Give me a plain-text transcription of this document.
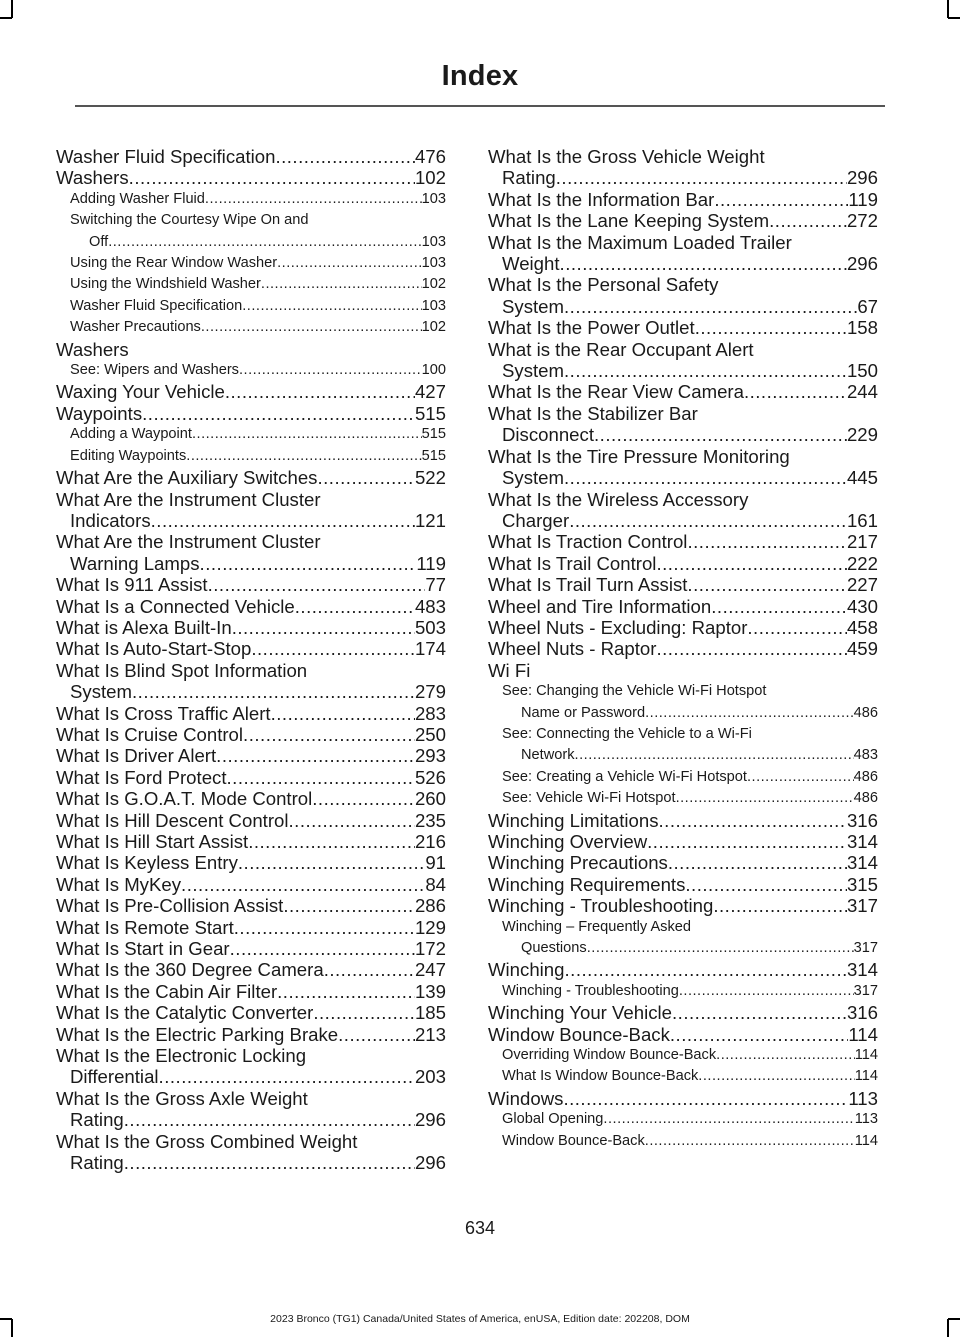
Index
Washer Fluid Specification .....	476
Washers .....	102
Adding Washer Fluid .....	103
Switching the Courtesy Wipe On and
Off .....	103
Using the Rear Window Washer .....	103
Using the Windshield Washer .....	102
Washer Fluid Specification .....	103
Washer Precautions .....	102
Washers
See: Wipers and Washers .....	100
Waxing Your Vehicle .....	427
Waypoints .....	515
Adding a Waypoint .....	515
Editing Waypoints .....	515
What Are the Auxiliary Switches .....	522
What Are the Instrument Cluster
Indicators .....	121
What Are the Instrument Cluster
Warning Lamps .....	119
What Is 911 Assist .....	77
What Is a Connected Vehicle .....	483
What is Alexa Built-In .....	503
What Is Auto-Start-Stop .....	174
What Is Blind Spot Information
System .....	279
What Is Cross Traffic Alert .....	283
What Is Cruise Control .....	250
What Is Driver Alert .....	293
What Is Ford Protect .....	526
What Is G.O.A.T. Mode Control .....	260
What Is Hill Descent Control .....	235
What Is Hill Start Assist .....	216
What Is Keyless Entry .....	91
What Is MyKey .....	84
What Is Pre-Collision Assist .....	286
What Is Remote Start .....	129
What Is Start in Gear .....	172
What Is the 360 Degree Camera .....	247
What Is the Cabin Air Filter .....	139
What Is the Catalytic Converter .....	185
What Is the Electric Parking Brake .....	213
What Is the Electronic Locking
Differential .....	203
What Is the Gross Axle Weight
Rating .....	296
What Is the Gross Combined Weight
Rating .....	296
What Is the Gross Vehicle Weight
Rating .....	296
What Is the Information Bar .....	119
What Is the Lane Keeping System .....	272
What Is the Maximum Loaded Trailer
Weight .....	296
What Is the Personal Safety
System .....	67
What Is the Power Outlet .....	158
What is the Rear Occupant Alert
System .....	150
What Is the Rear View Camera .....	244
What Is the Stabilizer Bar
Disconnect .....	229
What Is the Tire Pressure Monitoring
System .....	445
What Is the Wireless Accessory
Charger .....	161
What Is Traction Control .....	217
What Is Trail Control .....	222
What Is Trail Turn Assist .....	227
Wheel and Tire Information .....	430
Wheel Nuts - Excluding: Raptor .....	458
Wheel Nuts - Raptor .....	459
Wi Fi
See: Changing the Vehicle Wi-Fi Hotspot
Name or Password .....	486
See: Connecting the Vehicle to a Wi-Fi
Network .....	483
See: Creating a Vehicle Wi-Fi Hotspot .....	486
See: Vehicle Wi-Fi Hotspot .....	486
Winching Limitations .....	316
Winching Overview .....	314
Winching Precautions .....	314
Winching Requirements .....	315
Winching - Troubleshooting .....	317
Winching – Frequently Asked
Questions .....	317
Winching .....	314
Winching - Troubleshooting .....	317
Winching Your Vehicle .....	316
Window Bounce-Back .....	114
Overriding Window Bounce-Back .....	114
What Is Window Bounce-Back .....	114
Windows .....	113
Global Opening .....	113
Window Bounce-Back .....	114
634
2023 Bronco (TG1) Canada/United States of America, enUSA, Edition date: 202208, DOM
